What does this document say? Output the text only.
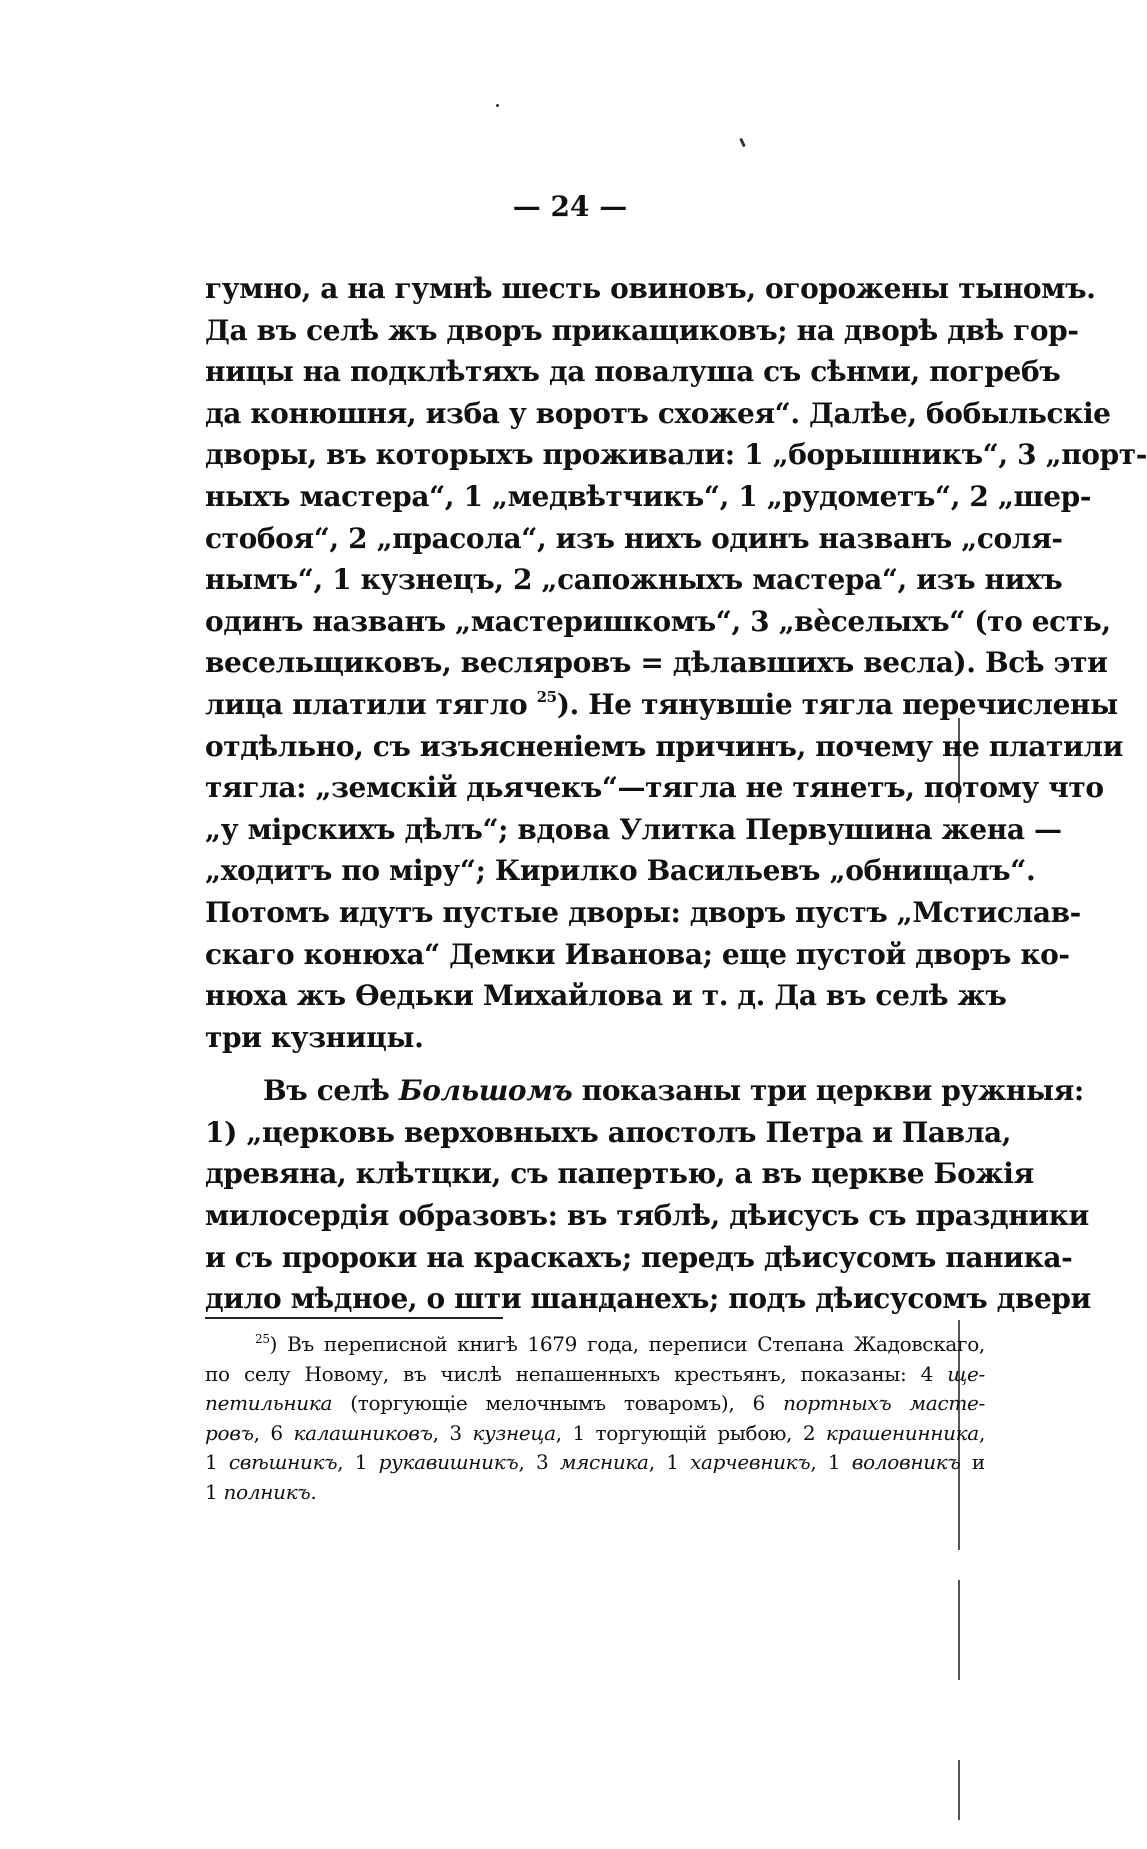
— 24 —
гумно, а на гумнѣ шесть овиновъ, огорожены тыномъ.
Да въ селѣ жъ дворъ прикащиковъ; на дворѣ двѣ гор-
ницы на подклѣтяхъ да повалуша съ сѣнми, погребъ
да конюшня, изба у воротъ схожея“. Далѣе, бобыльскіе
дворы, въ которыхъ проживали: 1 „борышникъ“, 3 „порт-
ныхъ мастера“, 1 „медвѣтчикъ“, 1 „рудометъ“, 2 „шер-
стобоя“, 2 „прасола“, изъ нихъ одинъ названъ „соля-
нымъ“, 1 кузнецъ, 2 „сапожныхъ мастера“, изъ нихъ
одинъ названъ „мастеришкомъ“, 3 „вѐселыхъ“ (то есть,
весельщиковъ, весляровъ = дѣлавшихъ весла). Всѣ эти
лица платили тягло $^{25}$). Не тянувшіе тягла перечислены
отдѣльно, съ изъясненіемъ причинъ, почему не платили
тягла: „земскій дьячекъ“—тягла не тянетъ, потому что
„у мірскихъ дѣлъ“; вдова Улитка Первушина жена —
„ходитъ по міру“; Кирилко Васильевъ „обнищалъ“.
Потомъ идутъ пустые дворы: дворъ пустъ „Мстислав-
скаго конюха“ Демки Иванова; еще пустой дворъ ко-
нюха жъ Ѳедьки Михайлова и т. д. Да въ селѣ жъ
три кузницы.
Въ селѣ Большомъ показаны три церкви ружныя:
1) „церковь верховныхъ апостолъ Петра и Павла,
древяна, клѣтцки, съ папертью, а въ церкве Божія
милосердія образовъ: въ тяблѣ, дѣисусъ съ праздники
и съ пророки на краскахъ; передъ дѣисусомъ паника-
дило мѣдное, о шти шанданехъ; подъ дѣисусомъ двери
$^{25}$) Въ переписной книгѣ 1679 года, переписи Степана Жадовскаго,
по селу Новому, въ числѣ непашенныхъ крестьянъ, показаны: 4 ще-
петильника (торгующіе мелочнымъ товаромъ), 6 портныхъ масте-
ровъ, 6 калашниковъ, 3 кузнеца, 1 торгующій рыбою, 2 крашенинника,
1 свѣшникъ, 1 рукавишникъ, 3 мясника, 1 харчевникъ, 1 воловникъ и
1 полникъ.
